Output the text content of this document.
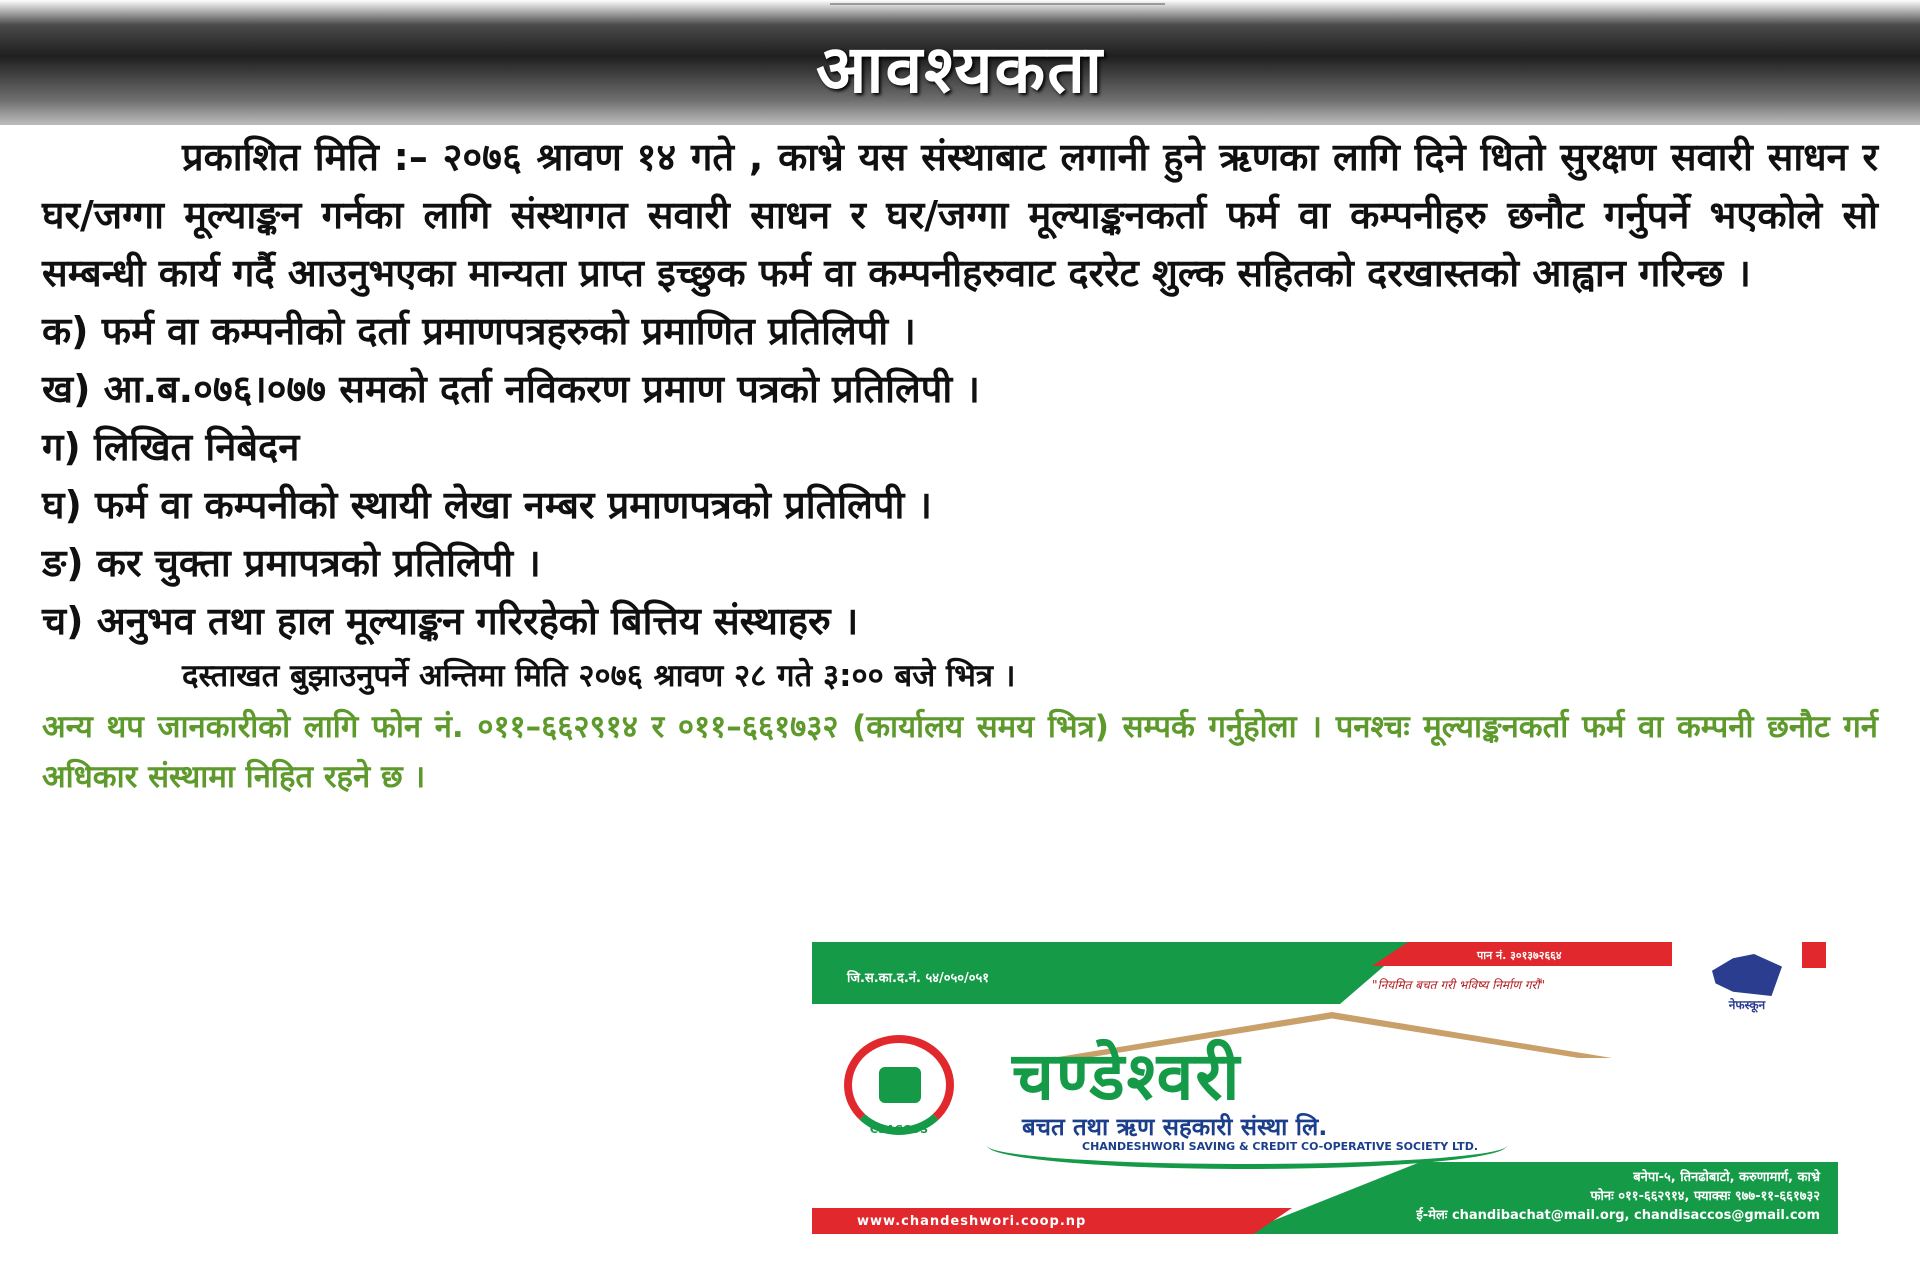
आवश्यकता

प्रकाशित मिति :– २०७६ श्रावण १४ गते , काभ्रे यस संस्थाबाट लगानी हुने ऋणका लागि दिने धितो सुरक्षण सवारी साधन र घर/जग्गा मूल्याङ्कन गर्नका लागि संस्थागत सवारी साधन र घर/जग्गा मूल्याङ्कनकर्ता फर्म वा कम्पनीहरु छनौट गर्नुपर्ने भएकोले सो सम्बन्धी कार्य गर्दै आउनुभएका मान्यता प्राप्त इच्छुक फर्म वा कम्पनीहरुवाट दररेट शुल्क सहितको दरखास्तको आह्वान गरिन्छ ।

क) फर्म वा कम्पनीको दर्ता प्रमाणपत्रहरुको प्रमाणित प्रतिलिपी ।

ख) आ.ब.०७६।०७७ समको दर्ता नविकरण प्रमाण पत्रको प्रतिलिपी ।

ग) लिखित निबेदन

घ) फर्म वा कम्पनीको स्थायी लेखा नम्बर प्रमाणपत्रको प्रतिलिपी ।

ङ) कर चुक्ता प्रमापत्रको प्रतिलिपी ।

च) अनुभव तथा हाल मूल्याङ्कन गरिरहेको बित्तिय संस्थाहरु ।

दस्ताखत बुझाउनुपर्ने अन्तिमा मिति २०७६ श्रावण २८ गते ३:०० बजे भित्र ।

अन्य थप जानकारीको लागि फोन नं. ०११–६६२९१४ र ०११–६६१७३२ (कार्यालय समय भित्र) सम्पर्क गर्नुहोला । पनश्चः मूल्याङ्कनकर्ता फर्म वा कम्पनी छनौट गर्न अधिकार संस्थामा निहित रहने छ ।

जि.स.का.द.नं. ५४/०५०/०५१
पान नं. ३०१३७२६६४
"नियमित बचत गरी भविष्य निर्माण गरौं"
नेफस्कून
CSACCOS
चण्डेश्वरी
बचत तथा ऋण सहकारी संस्था लि.
CHANDESHWORI SAVING & CREDIT CO-OPERATIVE SOCIETY LTD.
www.chandeshwori.coop.np
बनेपा-५, तिनढोबाटो, करुणामार्ग, काभ्रे
फोनः ०११-६६२९१४, फ्याक्सः ९७७-११-६६१७३२
ई-मेलः chandibachat@mail.org, chandisaccos@gmail.com
